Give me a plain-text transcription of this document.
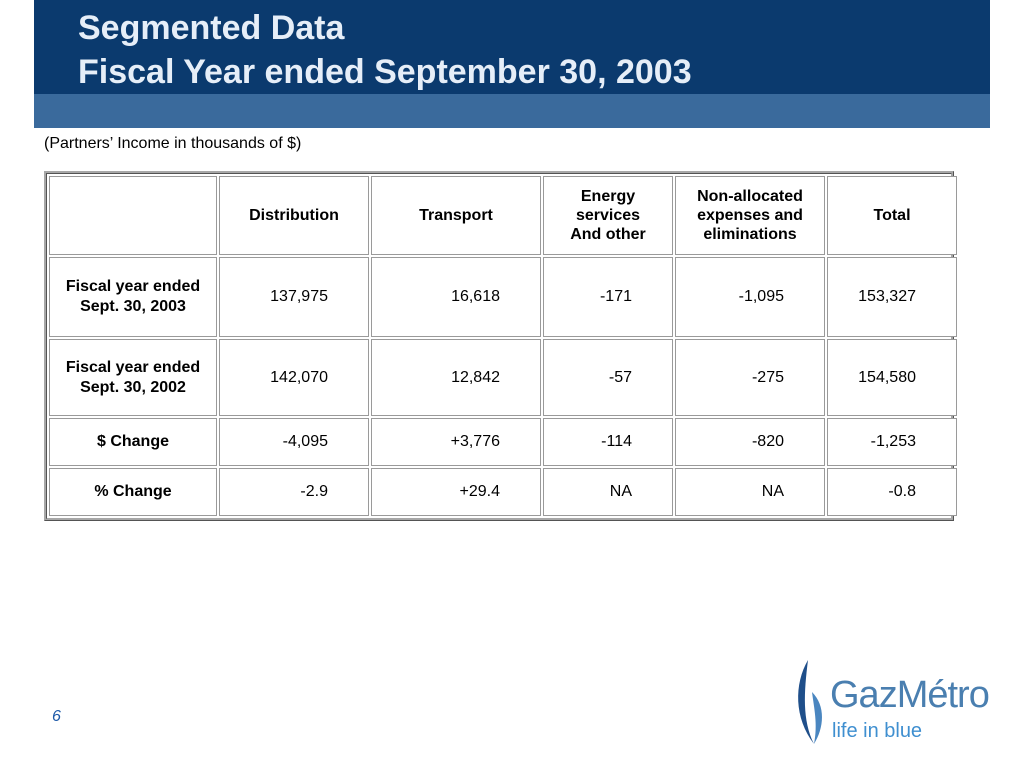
Segmented Data
Fiscal Year ended September 30, 2003
(Partners’ Income in thousands of $)
	Distribution	Transport	Energy
services
And other	Non-allocated
expenses and
eliminations	Total
Fiscal year ended
Sept. 30, 2003	137,975	16,618	-171	-1,095	153,327
Fiscal year ended
Sept. 30, 2002	142,070	12,842	-57	-275	154,580
$ Change	-4,095	+3,776	-114	-820	-1,253
% Change	-2.9	+29.4	NA	NA	-0.8
6
GazMétro
life in blue
